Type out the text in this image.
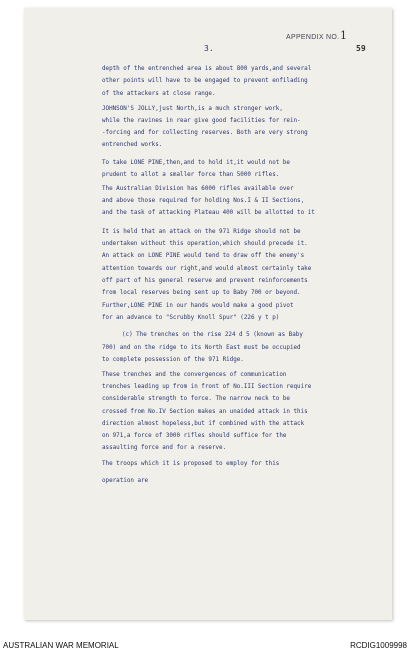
3.
APPENDIX NO. 1
59
depth of the entrenched area is about 800 yards,and several
other points will have to be engaged to prevent enfilading
of the attackers at close range.
JOHNSON'S JOLLY,just North,is a much stronger work,
while the ravines in rear give good facilities for rein-
-forcing and for collecting reserves. Both are very strong
entrenched works.
To take LONE PINE,then,and to hold it,it would not be
prudent to allot a smaller force than 5000 rifles.
The Australian Division has 6000 rifles available over
and above those required for holding Nos.I & II Sections,
and the task of attacking Plateau 400 will be allotted to it
It is held that an attack on the 971 Ridge should not be
undertaken without this operation,which should precede it.
An attack on LONE PINE would tend to draw off the enemy's
attention towards our right,and would almost certainly take
off part of his general reserve and prevent reinforcements
from local reserves being sent up to Baby 700 or beyond.
Further,LONE PINE in our hands would make a good pivot
for an advance to "Scrubby Knoll Spur" (226 y t p)
(c) The trenches on the rise 224 d 5 (known as Baby
700) and on the ridge to its North East must be occupied
to complete possession of the 971 Ridge.
These trenches and the convergences of communication
trenches leading up from in front of No.III Section require
considerable strength to force. The narrow neck to be
crossed from No.IV Section makes an unaided attack in this
direction almost hopeless,but if combined with the attack
on 971,a force of 3000 rifles should suffice for the
assaulting force and for a reserve.
The troops which it is proposed to employ for this
operation are
AUSTRALIAN WAR MEMORIAL	RCDIG1009998
